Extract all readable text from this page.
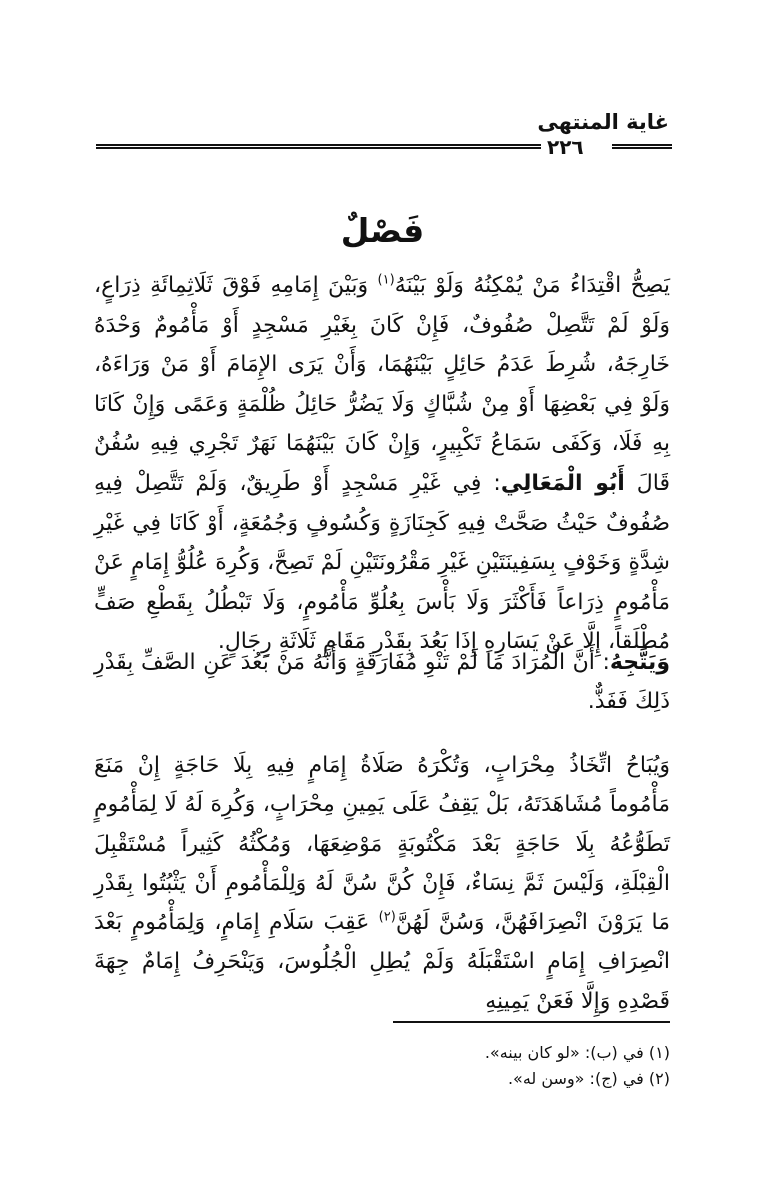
غاية المنتهى
٢٢٦
فَصْلٌ

يَصِحُّ اقْتِدَاءُ مَنْ يُمْكِنُهُ وَلَوْ بَيْنَهُ$^{(١)}$ وَبَيْنَ إِمَامِهِ فَوْقَ ثَلَاثِمِائَةِ ذِرَاعٍ، وَلَوْ لَمْ تَتَّصِلْ صُفُوفٌ، فَإِنْ كَانَ بِغَيْرِ مَسْجِدٍ أَوْ مَأْمُومٌ وَحْدَهُ خَارِجَهُ، شُرِطَ عَدَمُ حَائِلٍ بَيْنَهُمَا، وَأَنْ يَرَى الإِمَامَ أَوْ مَنْ وَرَاءَهُ، وَلَوْ فِي بَعْضِهَا أَوْ مِنْ شُبَّاكٍ وَلَا يَضُرُّ حَائِلُ ظُلْمَةٍ وَعَمًى وَإِنْ كَانَا بِهِ فَلَا، وَكَفَى سَمَاعُ تَكْبِيرٍ، وَإِنْ كَانَ بَيْنَهُمَا نَهَرٌ تَجْرِي فِيهِ سُفُنٌ قَالَ أَبُو الْمَعَالِي: فِي غَيْرِ مَسْجِدٍ أَوْ طَرِيقٌ، وَلَمْ تَتَّصِلْ فِيهِ صُفُوفٌ حَيْثُ صَحَّتْ فِيهِ كَجِنَازَةٍ وَكُسُوفٍ وَجُمُعَةٍ، أَوْ كَانَا فِي غَيْرِ شِدَّةٍ وَخَوْفٍ بِسَفِينَتَيْنِ غَيْرِ مَقْرُونَتَيْنِ لَمْ تَصِحَّ، وَكُرِهَ عُلُوُّ إِمَامٍ عَنْ مَأْمُومٍ ذِرَاعاً فَأَكْثَرَ وَلَا بَأْسَ بِعُلُوِّ مَأْمُومٍ، وَلَا تَبْطُلُ بِقَطْعِ صَفٍّ مُطْلَقاً، إِلَّا عَنْ يَسَارِهِ إِذَا بَعُدَ بِقَدْرِ مَقَامِ ثَلَاثَةِ رِجَالٍ.

وَيَتَّجِهُ: أَنَّ الْمُرَادَ مَا لَمْ تَنْوِ مُفَارَقَةٍ وَأَنَّهُ مَنْ بَعُدَ عَنِ الصَّفِّ بِقَدْرِ ذَلِكَ فَفَذٌّ.

وَيُبَاحُ اتِّخَاذُ مِحْرَابٍ، وَتُكْرَهُ صَلَاةُ إِمَامٍ فِيهِ بِلَا حَاجَةٍ إِنْ مَنَعَ مَأْمُوماً مُشَاهَدَتَهُ، بَلْ يَقِفُ عَلَى يَمِينِ مِحْرَابٍ، وَكُرِهَ لَهُ لَا لِمَأْمُومٍ تَطَوُّعُهُ بِلَا حَاجَةٍ بَعْدَ مَكْتُوبَةٍ مَوْضِعَهَا، وَمُكْثُهُ كَثِيراً مُسْتَقْبِلَ الْقِبْلَةِ، وَلَيْسَ ثَمَّ نِسَاءٌ، فَإِنْ كُنَّ سُنَّ لَهُ وَلِلْمَأْمُومِ أَنْ يَثْبُتُوا بِقَدْرِ مَا يَرَوْنَ انْصِرَافَهُنَّ، وَسُنَّ لَهُنَّ$^{(٢)}$ عَقِبَ سَلَامِ إِمَامٍ، وَلِمَأْمُومٍ بَعْدَ انْصِرَافِ إِمَامٍ اسْتَقْبَلَهُ وَلَمْ يُطِلِ الْجُلُوسَ، وَيَنْحَرِفُ إِمَامٌ جِهَةَ قَصْدِهِ وَإِلَّا فَعَنْ يَمِينِهِ

(١) في (ب): «لو كان بينه».
(٢) في (ج): «وسن له».
